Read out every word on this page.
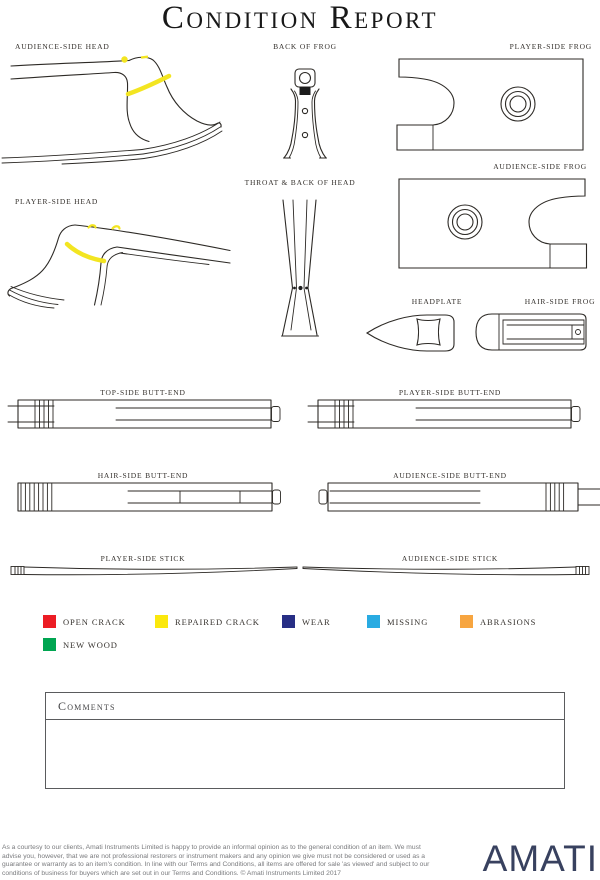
Condition Report
AUDIENCE-SIDE HEAD	BACK OF FROG	PLAYER-SIDE FROG
AUDIENCE-SIDE FROG
PLAYER-SIDE HEAD
THROAT & BACK OF HEAD
HEADPLATE	HAIR-SIDE FROG
TOP-SIDE BUTT-END	PLAYER-SIDE BUTT-END
HAIR-SIDE BUTT-END	AUDIENCE-SIDE BUTT-END
PLAYER-SIDE STICK	AUDIENCE-SIDE STICK
OPEN CRACK	REPAIRED CRACK	WEAR	MISSING	ABRASIONS
NEW WOOD
Comments
As a courtesy to our clients, Amati Instruments Limited is happy to provide an informal opinion as to the general condition of an item. We must advise you, however, that we are not professional restorers or instrument makers and any opinion we give must not be considered or used as a guarantee or warranty as to an item's condition. In line with our Terms and Conditions, all items are offered for sale 'as viewed' and subject to our conditions of business for buyers which are set out in our Terms and Conditions. © Amati Instruments Limited 2017	AMATI
